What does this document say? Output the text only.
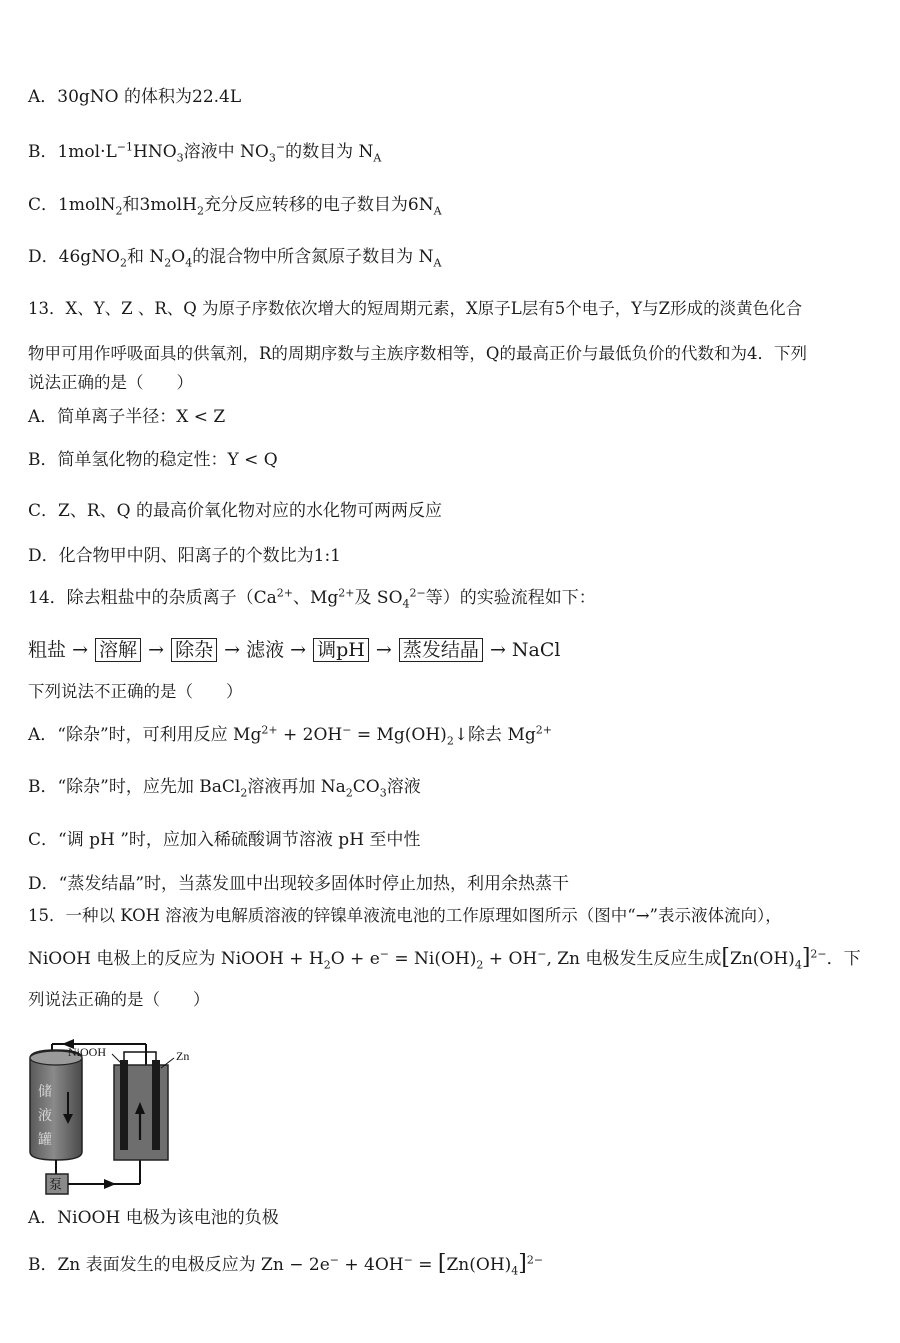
A．30gNO 的体积为22.4L
B．$1mol\cdot L^{-1}HNO_3$溶液中 $NO_3^-$的数目为 $N_A$
C．1molN$_2$和3molH$_2$充分反应转移的电子数目为$6N_A$
D．46gNO$_2$和 $N_2O_4$的混合物中所含氮原子数目为 $N_A$
13．X、Y、Z 、R、Q 为原子序数依次增大的短周期元素，X原子L层有5个电子，Y与Z形成的淡黄色化合
物甲可用作呼吸面具的供氧剂，R的周期序数与主族序数相等，Q的最高正价与最低负价的代数和为4．下列
说法正确的是（　　）
A．简单离子半径：X < Z
B．简单氢化物的稳定性：Y < Q
C．Z、R、Q 的最高价氧化物对应的水化物可两两反应
D．化合物甲中阴、阳离子的个数比为1:1
14．除去粗盐中的杂质离子（$Ca^{2+}$、$Mg^{2+}$及 $SO_4^{2-}$等）的实验流程如下：
粗盐 → 溶解 → 除杂 → 滤液 → 调pH → 蒸发结晶 → NaCl
下列说法不正确的是（　　）
A．“除杂”时，可利用反应 $Mg^{2+} + 2OH^-$ = $Mg(OH)_2↓$除去 $Mg^{2+}$
B．“除杂”时，应先加 BaCl$_2$溶液再加 $Na_2CO_3$溶液
C．“调 pH ”时，应加入稀硫酸调节溶液 pH 至中性
D．“蒸发结晶”时，当蒸发皿中出现较多固体时停止加热，利用余热蒸干
15．一种以 KOH 溶液为电解质溶液的锌镍单液流电池的工作原理如图所示（图中“→”表示液体流向），
NiOOH 电极上的反应为 NiOOH + $H_2O + e^- = Ni(OH)_2 + OH^-$, Zn 电极发生反应生成$[Zn(OH)_4]^{2-}$．下
列说法正确的是（　　）
储
液
罐
泵
NiOOH	Zn
A．NiOOH 电极为该电池的负极
B．Zn 表面发生的电极反应为 $Zn - 2e^- + 4OH^- = [Zn(OH)_4]^{2-}$
